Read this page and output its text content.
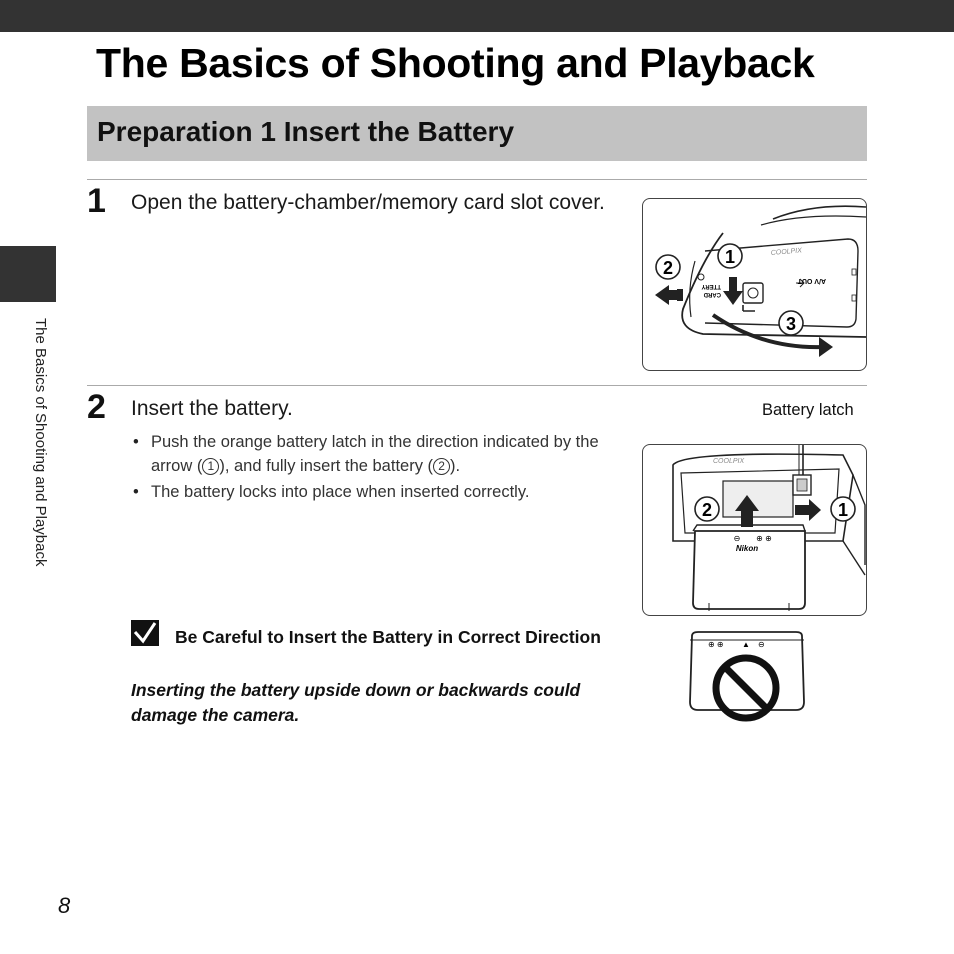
The Basics of Shooting and Playback
The Basics of Shooting and Playback
Preparation 1 Insert the Battery
1 Open the battery-chamber/memory card slot cover.
1
2
3
A/V OUT
CARD
TTERY
COOLPIX
2 Insert the battery.
• Push the orange battery latch in the direction indicated by the arrow ( 1 ), and fully insert the battery ( 2 ).
• The battery locks into place when inserted correctly.
Battery latch
⊕ ⊕
⊖
Nikon
COOLPIX
2	1
Be Careful to Insert the Battery in Correct Direction
Inserting the battery upside down or backwards could damage the camera.
⊕ ⊕ ▲ ⊖
8
